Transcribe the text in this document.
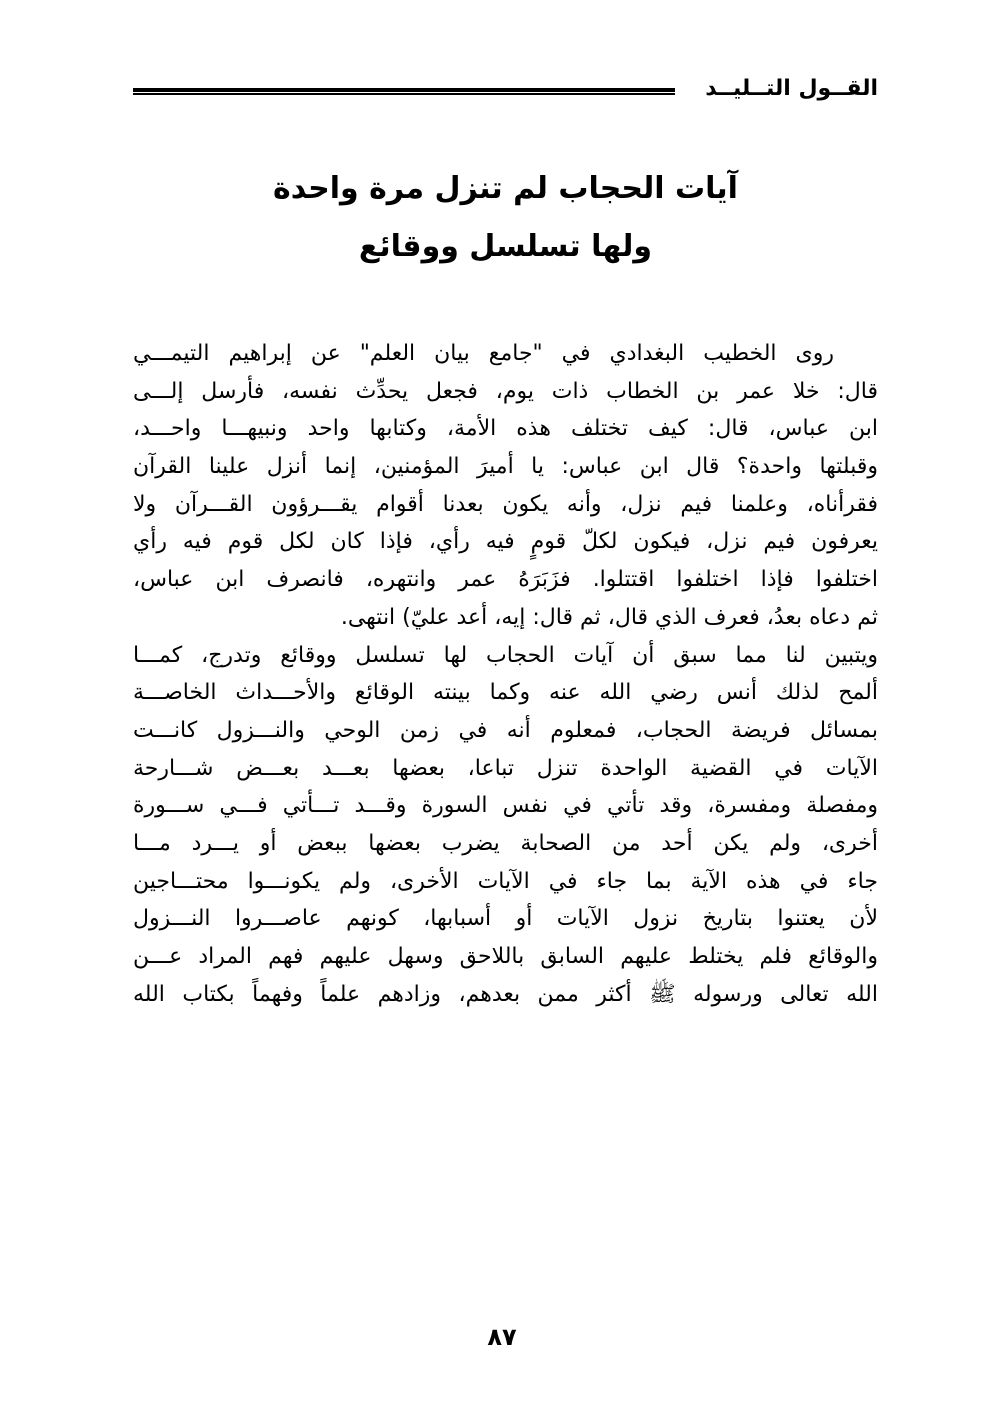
القــول التــليــد
آيات الحجاب لم تنزل مرة واحدة
ولها تسلسل ووقائع
روى الخطيب البغدادي في "جامع بيان العلم" عن إبراهيم التيمـــي
قال: خلا عمر بن الخطاب ذات يوم، فجعل يحدِّث نفسه، فأرسل إلـــى
ابن عباس، قال: كيف تختلف هذه الأمة، وكتابها واحد ونبيهـــا واحـــد،
وقبلتها واحدة؟ قال ابن عباس: يا أميرَ المؤمنين، إنما أنزل علينا القرآن
فقرأناه، وعلمنا فيم نزل، وأنه يكون بعدنا أقوام يقـــرؤون القـــرآن ولا
يعرفون فيم نزل، فيكون لكلّ قومٍ فيه رأي، فإذا كان لكل قوم فيه رأي
اختلفوا فإذا اختلفوا اقتتلوا. فزَبَرَهُ عمر وانتهره، فانصرف ابن عباس،
ثم دعاه بعدُ، فعرف الذي قال، ثم قال: إيه، أعد عليّ) انتهى.
ويتبين لنا مما سبق أن آيات الحجاب لها تسلسل ووقائع وتدرج، كمـــا
ألمح لذلك أنس رضي الله عنه وكما بينته الوقائع والأحـــداث الخاصـــة
بمسائل فريضة الحجاب، فمعلوم أنه في زمن الوحي والنـــزول كانـــت
الآيات في القضية الواحدة تنزل تباعا، بعضها بعـــد بعـــض شـــارحة
ومفصلة ومفسرة، وقد تأتي في نفس السورة وقـــد تـــأتي فـــي ســـورة
أخرى، ولم يكن أحد من الصحابة يضرب بعضها ببعض أو يـــرد مـــا
جاء في هذه الآية بما جاء في الآيات الأخرى، ولم يكونـــوا محتـــاجين
لأن يعتنوا بتاريخ نزول الآيات أو أسبابها، كونهم عاصـــروا النـــزول
والوقائع فلم يختلط عليهم السابق باللاحق وسهل عليهم فهم المراد عـــن
الله تعالى ورسوله ﷺ أكثر ممن بعدهم، وزادهم علماً وفهماً بكتاب الله
٨٧
